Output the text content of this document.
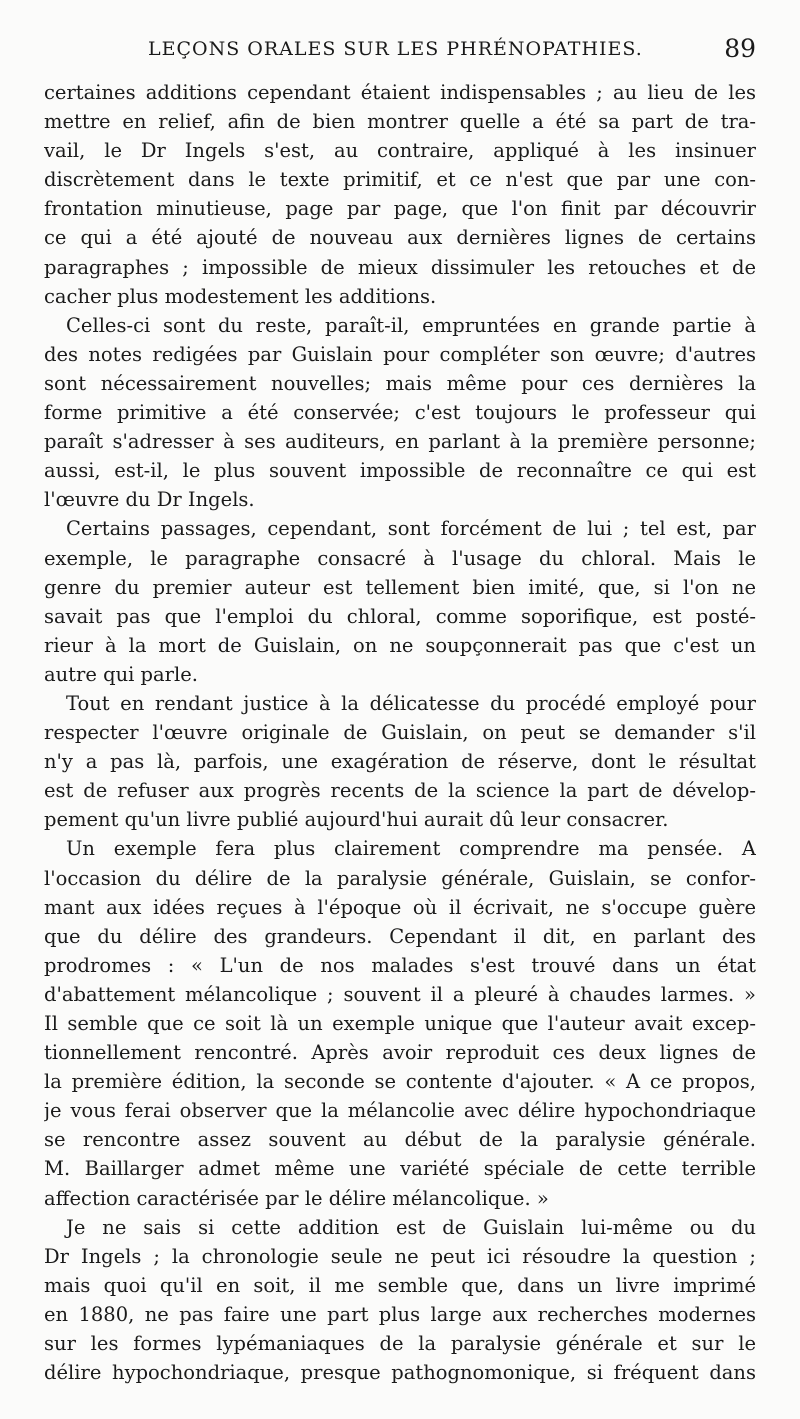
LEÇONS ORALES SUR LES PHRÉNOPATHIES.	89
certaines additions cependant étaient indispensables ; au lieu de les
mettre en relief, afin de bien montrer quelle a été sa part de tra-
vail, le Dr Ingels s'est, au contraire, appliqué à les insinuer
discrètement dans le texte primitif, et ce n'est que par une con-
frontation minutieuse, page par page, que l'on finit par découvrir
ce qui a été ajouté de nouveau aux dernières lignes de certains
paragraphes ; impossible de mieux dissimuler les retouches et de
cacher plus modestement les additions.
Celles-ci sont du reste, paraît-il, empruntées en grande partie à
des notes redigées par Guislain pour compléter son œuvre; d'autres
sont nécessairement nouvelles; mais même pour ces dernières la
forme primitive a été conservée; c'est toujours le professeur qui
paraît s'adresser à ses auditeurs, en parlant à la première personne;
aussi, est-il, le plus souvent impossible de reconnaître ce qui est
l'œuvre du Dr Ingels.
Certains passages, cependant, sont forcément de lui ; tel est, par
exemple, le paragraphe consacré à l'usage du chloral. Mais le
genre du premier auteur est tellement bien imité, que, si l'on ne
savait pas que l'emploi du chloral, comme soporifique, est posté-
rieur à la mort de Guislain, on ne soupçonnerait pas que c'est un
autre qui parle.
Tout en rendant justice à la délicatesse du procédé employé pour
respecter l'œuvre originale de Guislain, on peut se demander s'il
n'y a pas là, parfois, une exagération de réserve, dont le résultat
est de refuser aux progrès recents de la science la part de dévelop-
pement qu'un livre publié aujourd'hui aurait dû leur consacrer.
Un exemple fera plus clairement comprendre ma pensée. A
l'occasion du délire de la paralysie générale, Guislain, se confor-
mant aux idées reçues à l'époque où il écrivait, ne s'occupe guère
que du délire des grandeurs. Cependant il dit, en parlant des
prodromes : « L'un de nos malades s'est trouvé dans un état
d'abattement mélancolique ; souvent il a pleuré à chaudes larmes. »
Il semble que ce soit là un exemple unique que l'auteur avait excep-
tionnellement rencontré. Après avoir reproduit ces deux lignes de
la première édition, la seconde se contente d'ajouter. « A ce propos,
je vous ferai observer que la mélancolie avec délire hypochondriaque
se rencontre assez souvent au début de la paralysie générale.
M. Baillarger admet même une variété spéciale de cette terrible
affection caractérisée par le délire mélancolique. »
Je ne sais si cette addition est de Guislain lui-même ou du
Dr Ingels ; la chronologie seule ne peut ici résoudre la question ;
mais quoi qu'il en soit, il me semble que, dans un livre imprimé
en 1880, ne pas faire une part plus large aux recherches modernes
sur les formes lypémaniaques de la paralysie générale et sur le
délire hypochondriaque, presque pathognomonique, si fréquent dans
